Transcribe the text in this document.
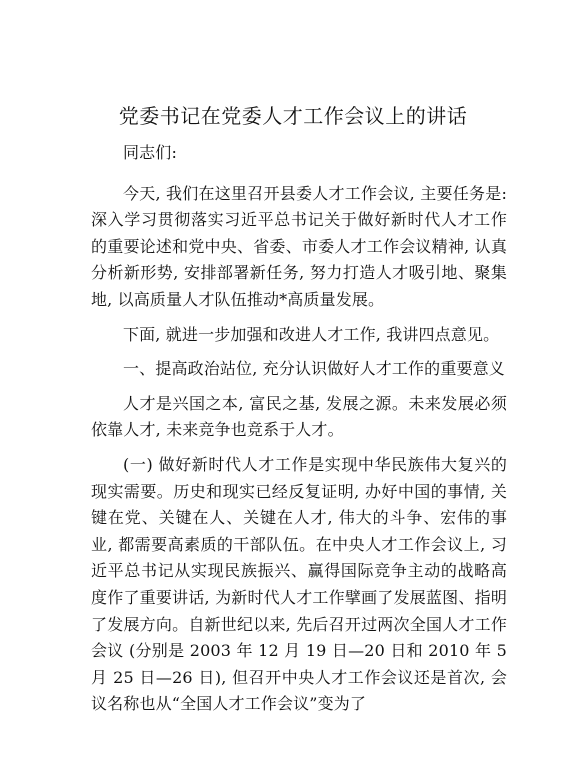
党委书记在党委人才工作会议上的讲话

同志们:

今天, 我们在这里召开县委人才工作会议, 主要任务是: 深入学习贯彻落实习近平总书记关于做好新时代人才工作的重要论述和党中央、省委、市委人才工作会议精神, 认真分析新形势, 安排部署新任务, 努力打造人才吸引地、聚集地, 以高质量人才队伍推动*高质量发展。

下面, 就进一步加强和改进人才工作, 我讲四点意见。

一、提高政治站位, 充分认识做好人才工作的重要意义

人才是兴国之本, 富民之基, 发展之源。未来发展必须依靠人才, 未来竞争也竞系于人才。

(一) 做好新时代人才工作是实现中华民族伟大复兴的现实需要。历史和现实已经反复证明, 办好中国的事情, 关键在党、关键在人、关键在人才, 伟大的斗争、宏伟的事业, 都需要高素质的干部队伍。在中央人才工作会议上, 习近平总书记从实现民族振兴、赢得国际竞争主动的战略高度作了重要讲话, 为新时代人才工作擘画了发展蓝图、指明了发展方向。自新世纪以来, 先后召开过两次全国人才工作会议 (分别是 2003 年 12 月 19 日—20 日和 2010 年 5 月 25 日—26 日), 但召开中央人才工作会议还是首次, 会议名称也从“全国人才工作会议”变为了
